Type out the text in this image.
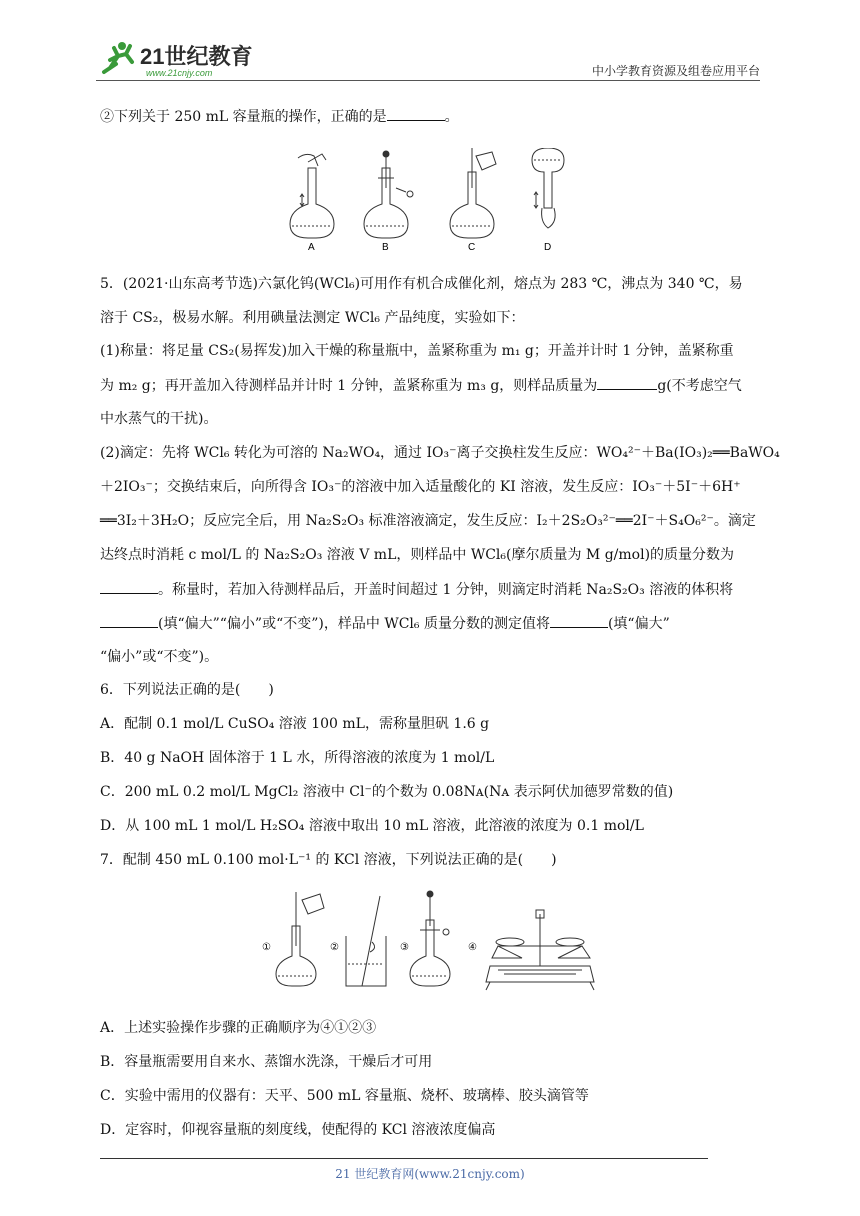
21世纪教育
www.21cnjy.com	中小学教育资源及组卷应用平台
②下列关于 250 mL 容量瓶的操作，正确的是	。
A	B	C	D
5．(2021·山东高考节选)六氯化钨(WCl₆)可用作有机合成催化剂，熔点为 283 ℃，沸点为 340 ℃，易
溶于 CS₂，极易水解。利用碘量法测定 WCl₆ 产品纯度，实验如下：
(1)称量：将足量 CS₂(易挥发)加入干燥的称量瓶中，盖紧称重为 m₁ g；开盖并计时 1 分钟，盖紧称重
为 m₂ g；再开盖加入待测样品并计时 1 分钟，盖紧称重为 m₃ g，则样品质量为	g(不考虑空气
中水蒸气的干扰)。
(2)滴定：先将 WCl₆ 转化为可溶的 Na₂WO₄，通过 IO₃⁻离子交换柱发生反应：WO₄²⁻＋Ba(IO₃)₂══BaWO₄
＋2IO₃⁻；交换结束后，向所得含 IO₃⁻的溶液中加入适量酸化的 KI 溶液，发生反应：IO₃⁻＋5I⁻＋6H⁺
══3I₂＋3H₂O；反应完全后，用 Na₂S₂O₃ 标准溶液滴定，发生反应：I₂＋2S₂O₃²⁻══2I⁻＋S₄O₆²⁻。滴定
达终点时消耗 c mol/L 的 Na₂S₂O₃ 溶液 V mL，则样品中 WCl₆(摩尔质量为 M g/mol)的质量分数为
。称量时，若加入待测样品后，开盖时间超过 1 分钟，则滴定时消耗 Na₂S₂O₃ 溶液的体积将
(填“偏大”“偏小”或“不变”)，样品中 WCl₆ 质量分数的测定值将	(填“偏大”
“偏小”或“不变”)。
6．下列说法正确的是(　　)
A．配制 0.1 mol/L CuSO₄ 溶液 100 mL，需称量胆矾 1.6 g
B．40 g NaOH 固体溶于 1 L 水，所得溶液的浓度为 1 mol/L
C．200 mL 0.2 mol/L MgCl₂ 溶液中 Cl⁻的个数为 0.08Nᴀ(Nᴀ 表示阿伏加德罗常数的值)
D．从 100 mL 1 mol/L H₂SO₄ 溶液中取出 10 mL 溶液，此溶液的浓度为 0.1 mol/L
7．配制 450 mL 0.100 mol·L⁻¹ 的 KCl 溶液，下列说法正确的是(　　)
①	②	③	④
A．上述实验操作步骤的正确顺序为④①②③
B．容量瓶需要用自来水、蒸馏水洗涤，干燥后才可用
C．实验中需用的仪器有：天平、500 mL 容量瓶、烧杯、玻璃棒、胶头滴管等
D．定容时，仰视容量瓶的刻度线，使配得的 KCl 溶液浓度偏高
21 世纪教育网(www.21cnjy.com)
